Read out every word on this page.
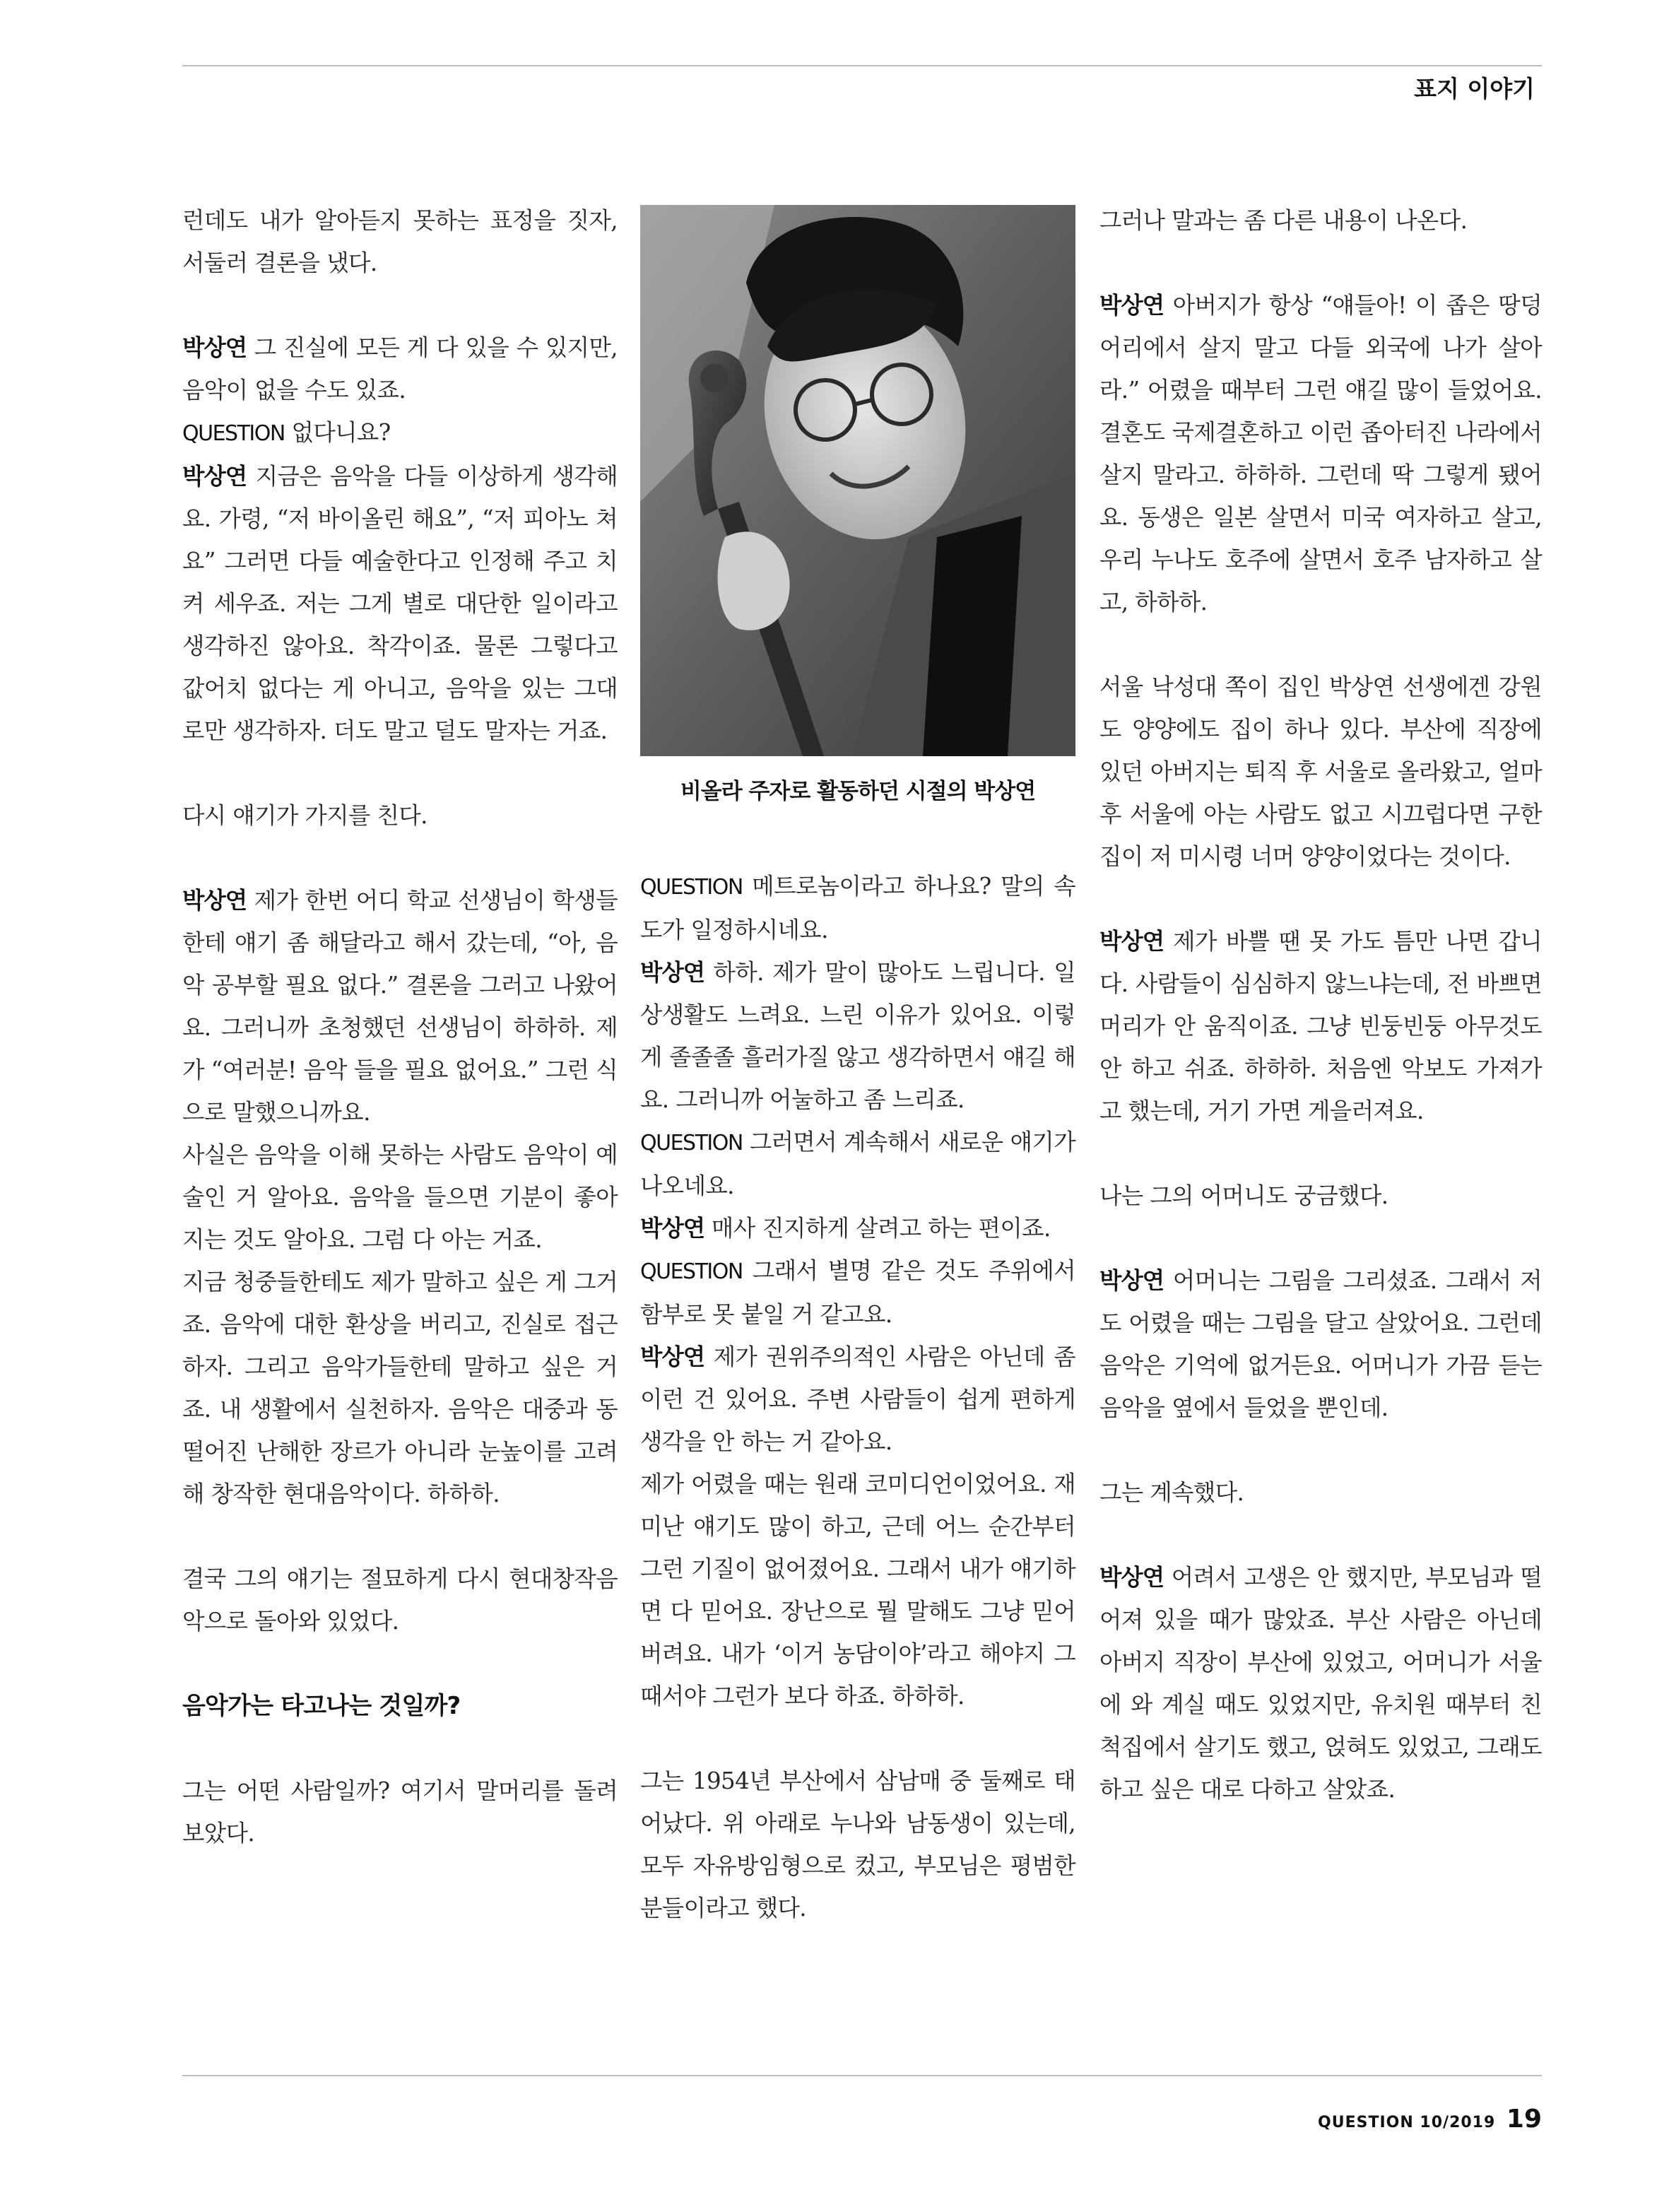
표지 이야기

런데도 내가 알아듣지 못하는 표정을 짓자, 서둘러 결론을 냈다.

박상연 그 진실에 모든 게 다 있을 수 있지만, 음악이 없을 수도 있죠.

QUESTION 없다니요?

박상연 지금은 음악을 다들 이상하게 생각해요. 가령, “저 바이올린 해요”, “저 피아노 쳐요” 그러면 다들 예술한다고 인정해 주고 치켜 세우죠. 저는 그게 별로 대단한 일이라고 생각하진 않아요. 착각이죠. 물론 그렇다고 값어치 없다는 게 아니고, 음악을 있는 그대로만 생각하자. 더도 말고 덜도 말자는 거죠.

다시 얘기가 가지를 친다.

박상연 제가 한번 어디 학교 선생님이 학생들한테 얘기 좀 해달라고 해서 갔는데, “아, 음악 공부할 필요 없다.” 결론을 그러고 나왔어요. 그러니까 초청했던 선생님이 하하하. 제가 “여러분! 음악 들을 필요 없어요.” 그런 식으로 말했으니까요.

사실은 음악을 이해 못하는 사람도 음악이 예술인 거 알아요. 음악을 들으면 기분이 좋아지는 것도 알아요. 그럼 다 아는 거죠.

지금 청중들한테도 제가 말하고 싶은 게 그거죠. 음악에 대한 환상을 버리고, 진실로 접근하자. 그리고 음악가들한테 말하고 싶은 거죠. 내 생활에서 실천하자. 음악은 대중과 동떨어진 난해한 장르가 아니라 눈높이를 고려해 창작한 현대음악이다. 하하하.

결국 그의 얘기는 절묘하게 다시 현대창작음악으로 돌아와 있었다.

음악가는 타고나는 것일까?

그는 어떤 사람일까? 여기서 말머리를 돌려 보았다.

비올라 주자로 활동하던 시절의 박상연

QUESTION 메트로놈이라고 하나요? 말의 속도가 일정하시네요.

박상연 하하. 제가 말이 많아도 느립니다. 일상생활도 느려요. 느린 이유가 있어요. 이렇게 졸졸졸 흘러가질 않고 생각하면서 얘길 해요. 그러니까 어눌하고 좀 느리죠.

QUESTION 그러면서 계속해서 새로운 얘기가 나오네요.

박상연 매사 진지하게 살려고 하는 편이죠.

QUESTION 그래서 별명 같은 것도 주위에서 함부로 못 붙일 거 같고요.

박상연 제가 권위주의적인 사람은 아닌데 좀 이런 건 있어요. 주변 사람들이 쉽게 편하게 생각을 안 하는 거 같아요.

제가 어렸을 때는 원래 코미디언이었어요. 재미난 얘기도 많이 하고, 근데 어느 순간부터 그런 기질이 없어졌어요. 그래서 내가 얘기하면 다 믿어요. 장난으로 뭘 말해도 그냥 믿어버려요. 내가 ‘이거 농담이야’라고 해야지 그때서야 그런가 보다 하죠. 하하하.

그는 1954년 부산에서 삼남매 중 둘째로 태어났다. 위 아래로 누나와 남동생이 있는데, 모두 자유방임형으로 컸고, 부모님은 평범한 분들이라고 했다.

그러나 말과는 좀 다른 내용이 나온다.

박상연 아버지가 항상 “얘들아! 이 좁은 땅덩어리에서 살지 말고 다들 외국에 나가 살아라.” 어렸을 때부터 그런 얘길 많이 들었어요. 결혼도 국제결혼하고 이런 좁아터진 나라에서 살지 말라고. 하하하. 그런데 딱 그렇게 됐어요. 동생은 일본 살면서 미국 여자하고 살고, 우리 누나도 호주에 살면서 호주 남자하고 살고, 하하하.

서울 낙성대 쪽이 집인 박상연 선생에겐 강원도 양양에도 집이 하나 있다. 부산에 직장에 있던 아버지는 퇴직 후 서울로 올라왔고, 얼마 후 서울에 아는 사람도 없고 시끄럽다면 구한 집이 저 미시령 너머 양양이었다는 것이다.

박상연 제가 바쁠 땐 못 가도 틈만 나면 갑니다. 사람들이 심심하지 않느냐는데, 전 바쁘면 머리가 안 움직이죠. 그냥 빈둥빈둥 아무것도 안 하고 쉬죠. 하하하. 처음엔 악보도 가져가고 했는데, 거기 가면 게을러져요.

나는 그의 어머니도 궁금했다.

박상연 어머니는 그림을 그리셨죠. 그래서 저도 어렸을 때는 그림을 달고 살았어요. 그런데 음악은 기억에 없거든요. 어머니가 가끔 듣는 음악을 옆에서 들었을 뿐인데.

그는 계속했다.

박상연 어려서 고생은 안 했지만, 부모님과 떨어져 있을 때가 많았죠. 부산 사람은 아닌데 아버지 직장이 부산에 있었고, 어머니가 서울에 와 계실 때도 있었지만, 유치원 때부터 친척집에서 살기도 했고, 얹혀도 있었고, 그래도 하고 싶은 대로 다하고 살았죠.

QUESTION 10/2019 19
